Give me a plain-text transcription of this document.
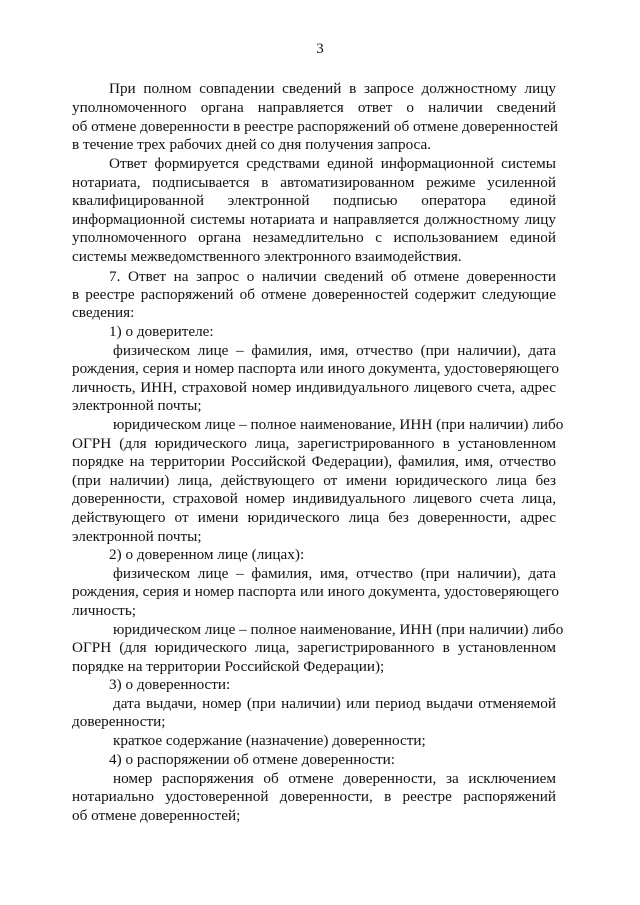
3
При полном совпадении сведений в запросе должностному лицу
уполномоченного органа направляется ответ о наличии сведений
об отмене доверенности в реестре распоряжений об отмене доверенностей
в течение трех рабочих дней со дня получения запроса.
Ответ формируется средствами единой информационной системы
нотариата, подписывается в автоматизированном режиме усиленной
квалифицированной электронной подписью оператора единой
информационной системы нотариата и направляется должностному лицу
уполномоченного органа незамедлительно с использованием единой
системы межведомственного электронного взаимодействия.
7. Ответ на запрос о наличии сведений об отмене доверенности
в реестре распоряжений об отмене доверенностей содержит следующие
сведения:
1) о доверителе:
физическом лице – фамилия, имя, отчество (при наличии), дата
рождения, серия и номер паспорта или иного документа, удостоверяющего
личность, ИНН, страховой номер индивидуального лицевого счета, адрес
электронной почты;
юридическом лице – полное наименование, ИНН (при наличии) либо
ОГРН (для юридического лица, зарегистрированного в установленном
порядке на территории Российской Федерации), фамилия, имя, отчество
(при наличии) лица, действующего от имени юридического лица без
доверенности, страховой номер индивидуального лицевого счета лица,
действующего от имени юридического лица без доверенности, адрес
электронной почты;
2) о доверенном лице (лицах):
физическом лице – фамилия, имя, отчество (при наличии), дата
рождения, серия и номер паспорта или иного документа, удостоверяющего
личность;
юридическом лице – полное наименование, ИНН (при наличии) либо
ОГРН (для юридического лица, зарегистрированного в установленном
порядке на территории Российской Федерации);
3) о доверенности:
дата выдачи, номер (при наличии) или период выдачи отменяемой
доверенности;
краткое содержание (назначение) доверенности;
4) о распоряжении об отмене доверенности:
номер распоряжения об отмене доверенности, за исключением
нотариально удостоверенной доверенности, в реестре распоряжений
об отмене доверенностей;
